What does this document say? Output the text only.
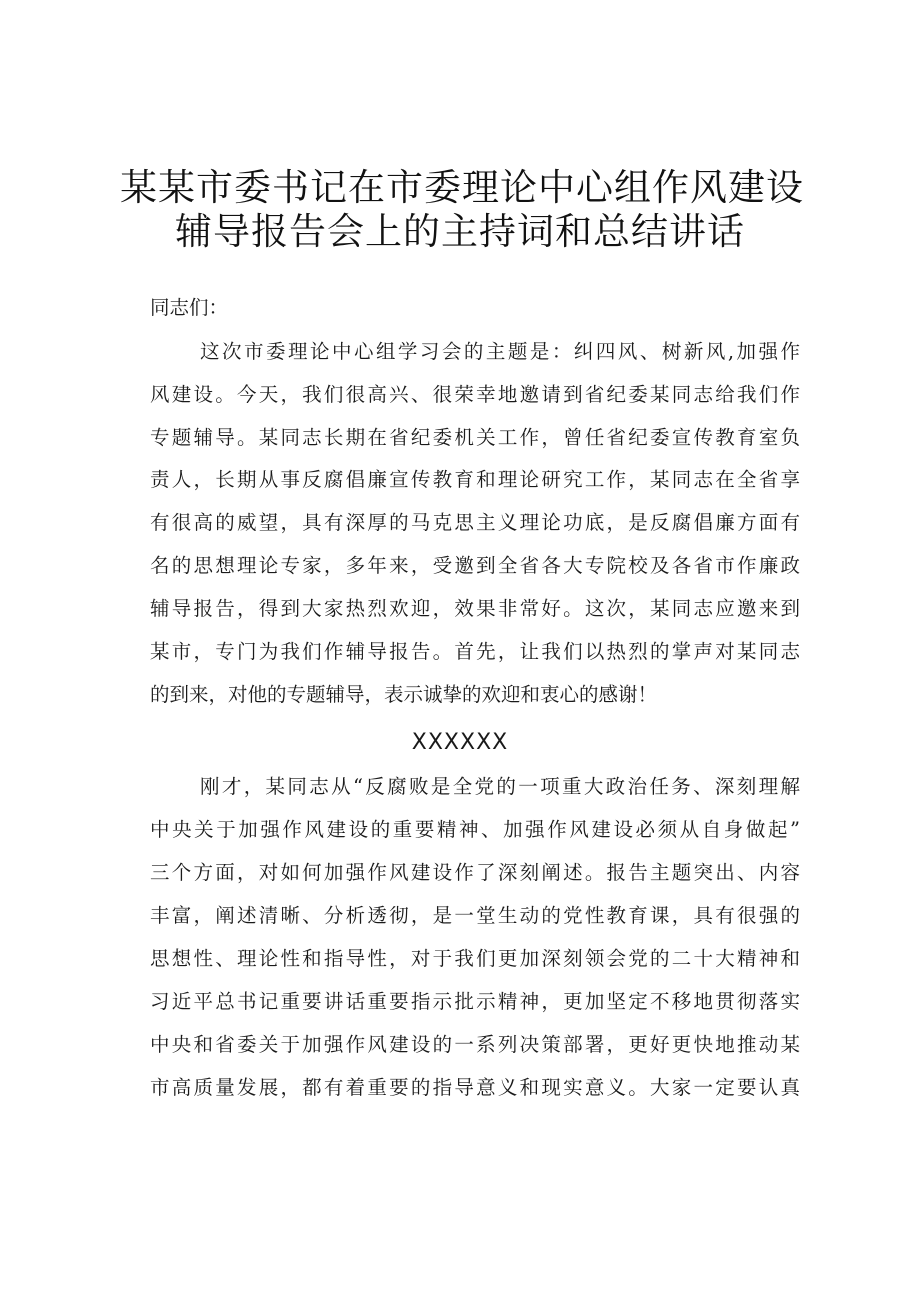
某某市委书记在市委理论中心组作风建设
辅导报告会上的主持词和总结讲话
同志们：
这次市委理论中心组学习会的主题是：纠四风、树新风,加强作
风建设。今天，我们很高兴、很荣幸地邀请到省纪委某同志给我们作
专题辅导。某同志长期在省纪委机关工作，曾任省纪委宣传教育室负
责人，长期从事反腐倡廉宣传教育和理论研究工作，某同志在全省享
有很高的威望，具有深厚的马克思主义理论功底，是反腐倡廉方面有
名的思想理论专家，多年来，受邀到全省各大专院校及各省市作廉政
辅导报告，得到大家热烈欢迎，效果非常好。这次，某同志应邀来到
某市，专门为我们作辅导报告。首先，让我们以热烈的掌声对某同志
的到来，对他的专题辅导，表示诚挚的欢迎和衷心的感谢！
XXXXXX
刚才，某同志从“反腐败是全党的一项重大政治任务、深刻理解
中央关于加强作风建设的重要精神、加强作风建设必须从自身做起”
三个方面，对如何加强作风建设作了深刻阐述。报告主题突出、内容
丰富，阐述清晰、分析透彻，是一堂生动的党性教育课，具有很强的
思想性、理论性和指导性，对于我们更加深刻领会党的二十大精神和
习近平总书记重要讲话重要指示批示精神，更加坚定不移地贯彻落实
中央和省委关于加强作风建设的一系列决策部署，更好更快地推动某
市高质量发展，都有着重要的指导意义和现实意义。大家一定要认真
